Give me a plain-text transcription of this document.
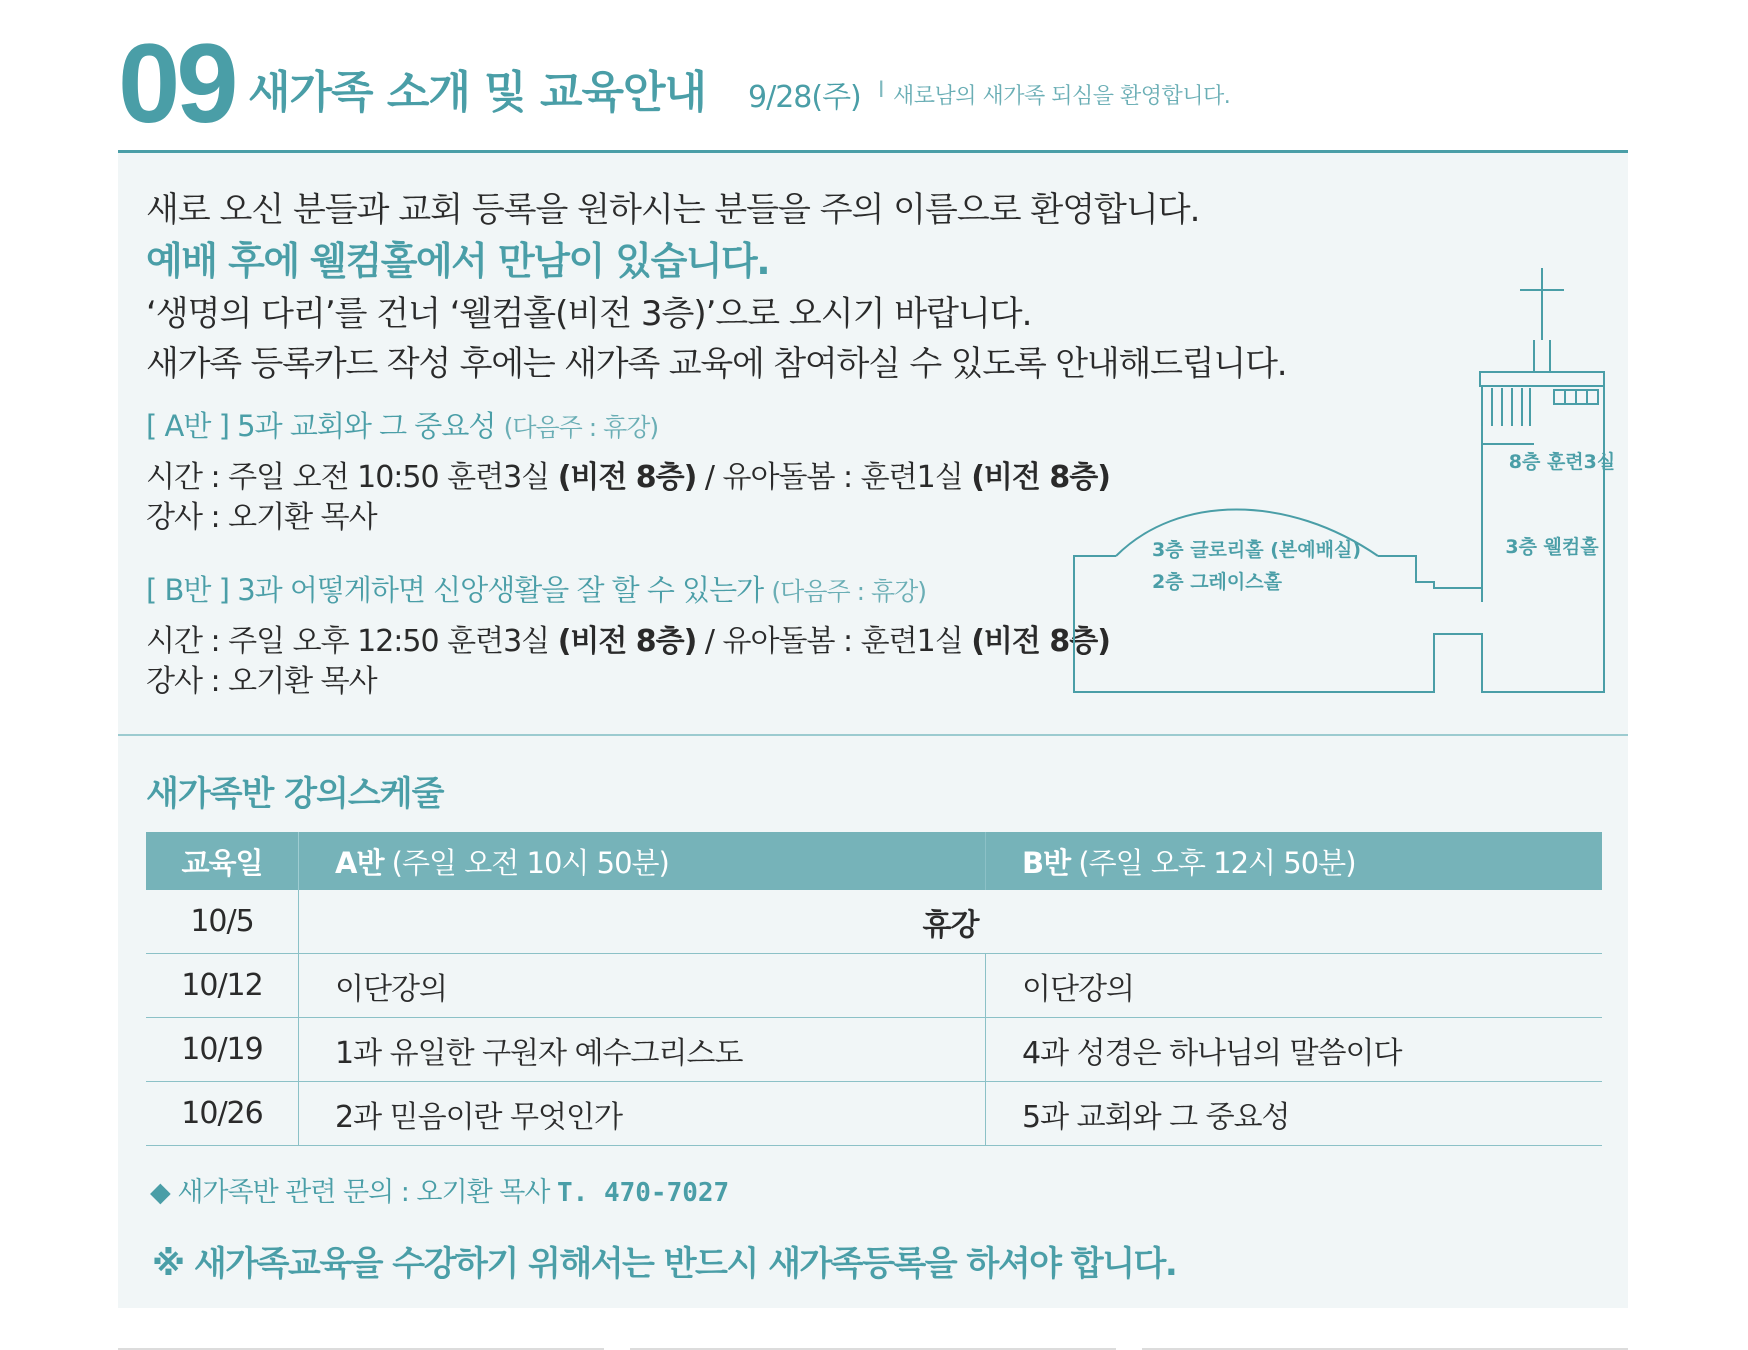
09 새가족 소개 및 교육안내 9/28(주) I 새로남의 새가족 되심을 환영합니다.
새로 오신 분들과 교회 등록을 원하시는 분들을 주의 이름으로 환영합니다.
예배 후에 웰컴홀에서 만남이 있습니다.
‘생명의 다리’를 건너 ‘웰컴홀(비전 3층)’으로 오시기 바랍니다.
새가족 등록카드 작성 후에는 새가족 교육에 참여하실 수 있도록 안내해드립니다.
[ A반 ] 5과 교회와 그 중요성 (다음주 : 휴강)
시간 : 주일 오전 10:50 훈련3실 (비전 8층) / 유아돌봄 : 훈련1실 (비전 8층)
강사 : 오기환 목사
[ B반 ] 3과 어떻게하면 신앙생활을 잘 할 수 있는가 (다음주 : 휴강)
시간 : 주일 오후 12:50 훈련3실 (비전 8층) / 유아돌봄 : 훈련1실 (비전 8층)
강사 : 오기환 목사
8층 훈련3실
3층 웰컴홀
3층 글로리홀 (본예배실)
2층 그레이스홀
새가족반 강의스케줄
교육일	A반 (주일 오전 10시 50분)	B반 (주일 오후 12시 50분)
10/5	휴강	
10/12	이단강의	이단강의
10/19	1과 유일한 구원자 예수그리스도	4과 성경은 하나님의 말씀이다
10/26	2과 믿음이란 무엇인가	5과 교회와 그 중요성
◆ 새가족반 관련 문의 : 오기환 목사 T. 470-7027
※ 새가족교육을 수강하기 위해서는 반드시 새가족등록을 하셔야 합니다.
